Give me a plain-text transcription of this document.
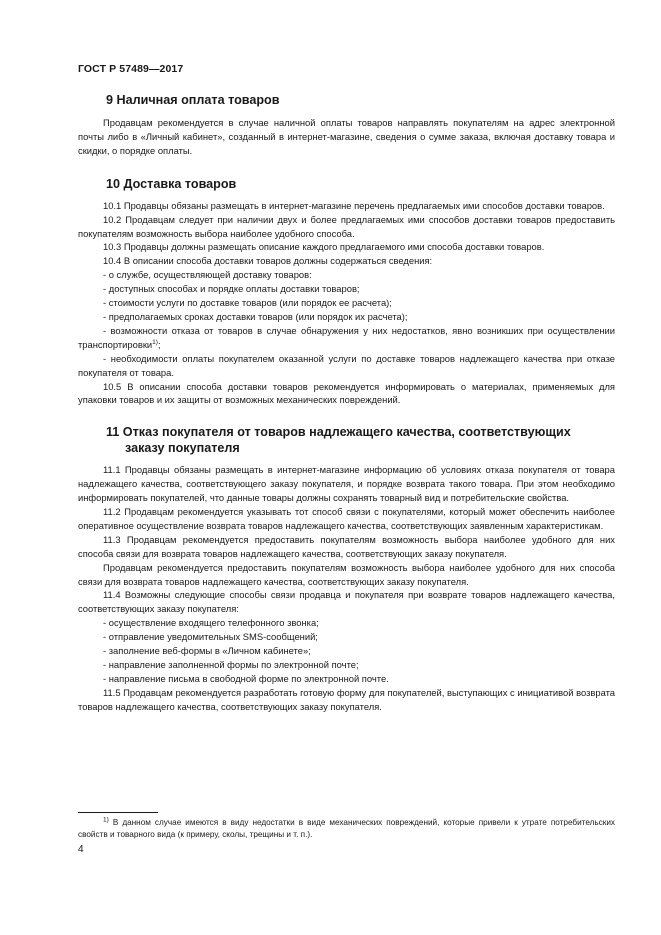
ГОСТ Р 57489—2017
9 Наличная оплата товаров

Продавцам рекомендуется в случае наличной оплаты товаров направлять покупателям на адрес электронной почты либо в «Личный кабинет», созданный в интернет-магазине, сведения о сумме заказа, включая доставку товара и скидки, о порядке оплаты.

10 Доставка товаров

10.1 Продавцы обязаны размещать в интернет-магазине перечень предлагаемых ими способов доставки товаров.

10.2 Продавцам следует при наличии двух и более предлагаемых ими способов доставки товаров предоставить покупателям возможность выбора наиболее удобного способа.

10.3 Продавцы должны размещать описание каждого предлагаемого ими способа доставки товаров.

10.4 В описании способа доставки товаров должны содержаться сведения:

- о службе, осуществляющей доставку товаров:

- доступных способах и порядке оплаты доставки товаров;

- стоимости услуги по доставке товаров (или порядок ее расчета);

- предполагаемых сроках доставки товаров (или порядок их расчета);

- возможности отказа от товаров в случае обнаружения у них недостатков, явно возникших при осуществлении транспортировки$^{1)}$;

- необходимости оплаты покупателем оказанной услуги по доставке товаров надлежащего качества при отказе покупателя от товара.

10.5 В описании способа доставки товаров рекомендуется информировать о материалах, применяемых для упаковки товаров и их защиты от возможных механических повреждений.

11 Отказ покупателя от товаров надлежащего качества, соответствующих
заказу покупателя

11.1 Продавцы обязаны размещать в интернет-магазине информацию об условиях отказа покупателя от товара надлежащего качества, соответствующего заказу покупателя, и порядке возврата такого товара. При этом необходимо информировать покупателей, что данные товары должны сохранять товарный вид и потребительские свойства.

11.2 Продавцам рекомендуется указывать тот способ связи с покупателями, который может обеспечить наиболее оперативное осуществление возврата товаров надлежащего качества, соответствующих заявленным характеристикам.

11.3 Продавцам рекомендуется предоставить покупателям возможность выбора наиболее удобного для них способа связи для возврата товаров надлежащего качества, соответствующих заказу покупателя.

Продавцам рекомендуется предоставить покупателям возможность выбора наиболее удобного для них способа связи для возврата товаров надлежащего качества, соответствующих заказу покупателя.

11.4 Возможны следующие способы связи продавца и покупателя при возврате товаров надлежащего качества, соответствующих заказу покупателя:

- осуществление входящего телефонного звонка;

- отправление уведомительных SMS-сообщений;

- заполнение веб-формы в «Личном кабинете»;

- направление заполненной формы по электронной почте;

- направление письма в свободной форме по электронной почте.

11.5 Продавцам рекомендуется разработать готовую форму для покупателей, выступающих с инициативой возврата товаров надлежащего качества, соответствующих заказу покупателя.

$^{1)}$ В данном случае имеются в виду недостатки в виде механических повреждений, которые привели к утрате потребительских свойств и товарного вида (к примеру, сколы, трещины и т. п.).
4
